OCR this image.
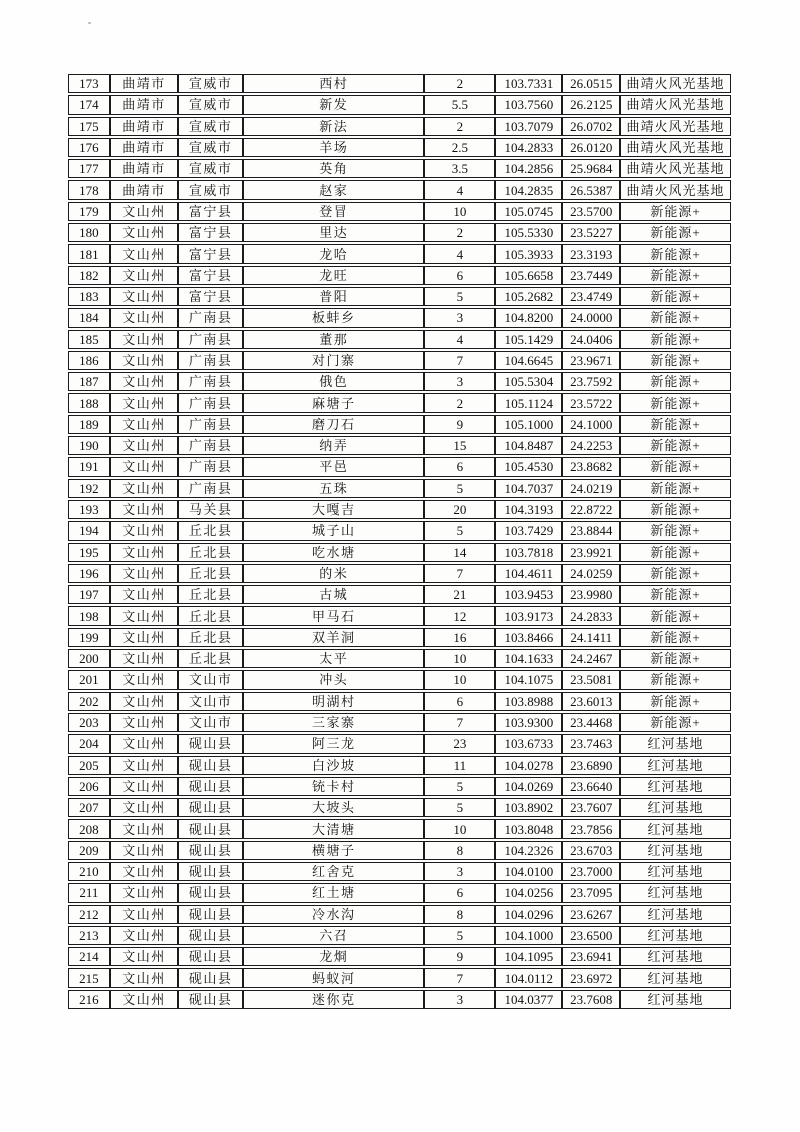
173	曲靖市	宣威市	西村	2	103.7331	26.0515	曲靖火风光基地
174	曲靖市	宣威市	新发	5.5	103.7560	26.2125	曲靖火风光基地
175	曲靖市	宣威市	新法	2	103.7079	26.0702	曲靖火风光基地
176	曲靖市	宣威市	羊场	2.5	104.2833	26.0120	曲靖火风光基地
177	曲靖市	宣威市	英角	3.5	104.2856	25.9684	曲靖火风光基地
178	曲靖市	宣威市	赵家	4	104.2835	26.5387	曲靖火风光基地
179	文山州	富宁县	登冒	10	105.0745	23.5700	新能源+
180	文山州	富宁县	里达	2	105.5330	23.5227	新能源+
181	文山州	富宁县	龙哈	4	105.3933	23.3193	新能源+
182	文山州	富宁县	龙旺	6	105.6658	23.7449	新能源+
183	文山州	富宁县	普阳	5	105.2682	23.4749	新能源+
184	文山州	广南县	板蚌乡	3	104.8200	24.0000	新能源+
185	文山州	广南县	董那	4	105.1429	24.0406	新能源+
186	文山州	广南县	对门寨	7	104.6645	23.9671	新能源+
187	文山州	广南县	俄色	3	105.5304	23.7592	新能源+
188	文山州	广南县	麻塘子	2	105.1124	23.5722	新能源+
189	文山州	广南县	磨刀石	9	105.1000	24.1000	新能源+
190	文山州	广南县	纳弄	15	104.8487	24.2253	新能源+
191	文山州	广南县	平邑	6	105.4530	23.8682	新能源+
192	文山州	广南县	五珠	5	104.7037	24.0219	新能源+
193	文山州	马关县	大嘎吉	20	104.3193	22.8722	新能源+
194	文山州	丘北县	城子山	5	103.7429	23.8844	新能源+
195	文山州	丘北县	吃水塘	14	103.7818	23.9921	新能源+
196	文山州	丘北县	的米	7	104.4611	24.0259	新能源+
197	文山州	丘北县	古城	21	103.9453	23.9980	新能源+
198	文山州	丘北县	甲马石	12	103.9173	24.2833	新能源+
199	文山州	丘北县	双羊洞	16	103.8466	24.1411	新能源+
200	文山州	丘北县	太平	10	104.1633	24.2467	新能源+
201	文山州	文山市	冲头	10	104.1075	23.5081	新能源+
202	文山州	文山市	明湖村	6	103.8988	23.6013	新能源+
203	文山州	文山市	三家寨	7	103.9300	23.4468	新能源+
204	文山州	砚山县	阿三龙	23	103.6733	23.7463	红河基地
205	文山州	砚山县	白沙坡	11	104.0278	23.6890	红河基地
206	文山州	砚山县	铳卡村	5	104.0269	23.6640	红河基地
207	文山州	砚山县	大坡头	5	103.8902	23.7607	红河基地
208	文山州	砚山县	大清塘	10	103.8048	23.7856	红河基地
209	文山州	砚山县	横塘子	8	104.2326	23.6703	红河基地
210	文山州	砚山县	红舍克	3	104.0100	23.7000	红河基地
211	文山州	砚山县	红土塘	6	104.0256	23.7095	红河基地
212	文山州	砚山县	冷水沟	8	104.0296	23.6267	红河基地
213	文山州	砚山县	六召	5	104.1000	23.6500	红河基地
214	文山州	砚山县	龙烱	9	104.1095	23.6941	红河基地
215	文山州	砚山县	蚂蚁河	7	104.0112	23.6972	红河基地
216	文山州	砚山县	迷你克	3	104.0377	23.7608	红河基地
